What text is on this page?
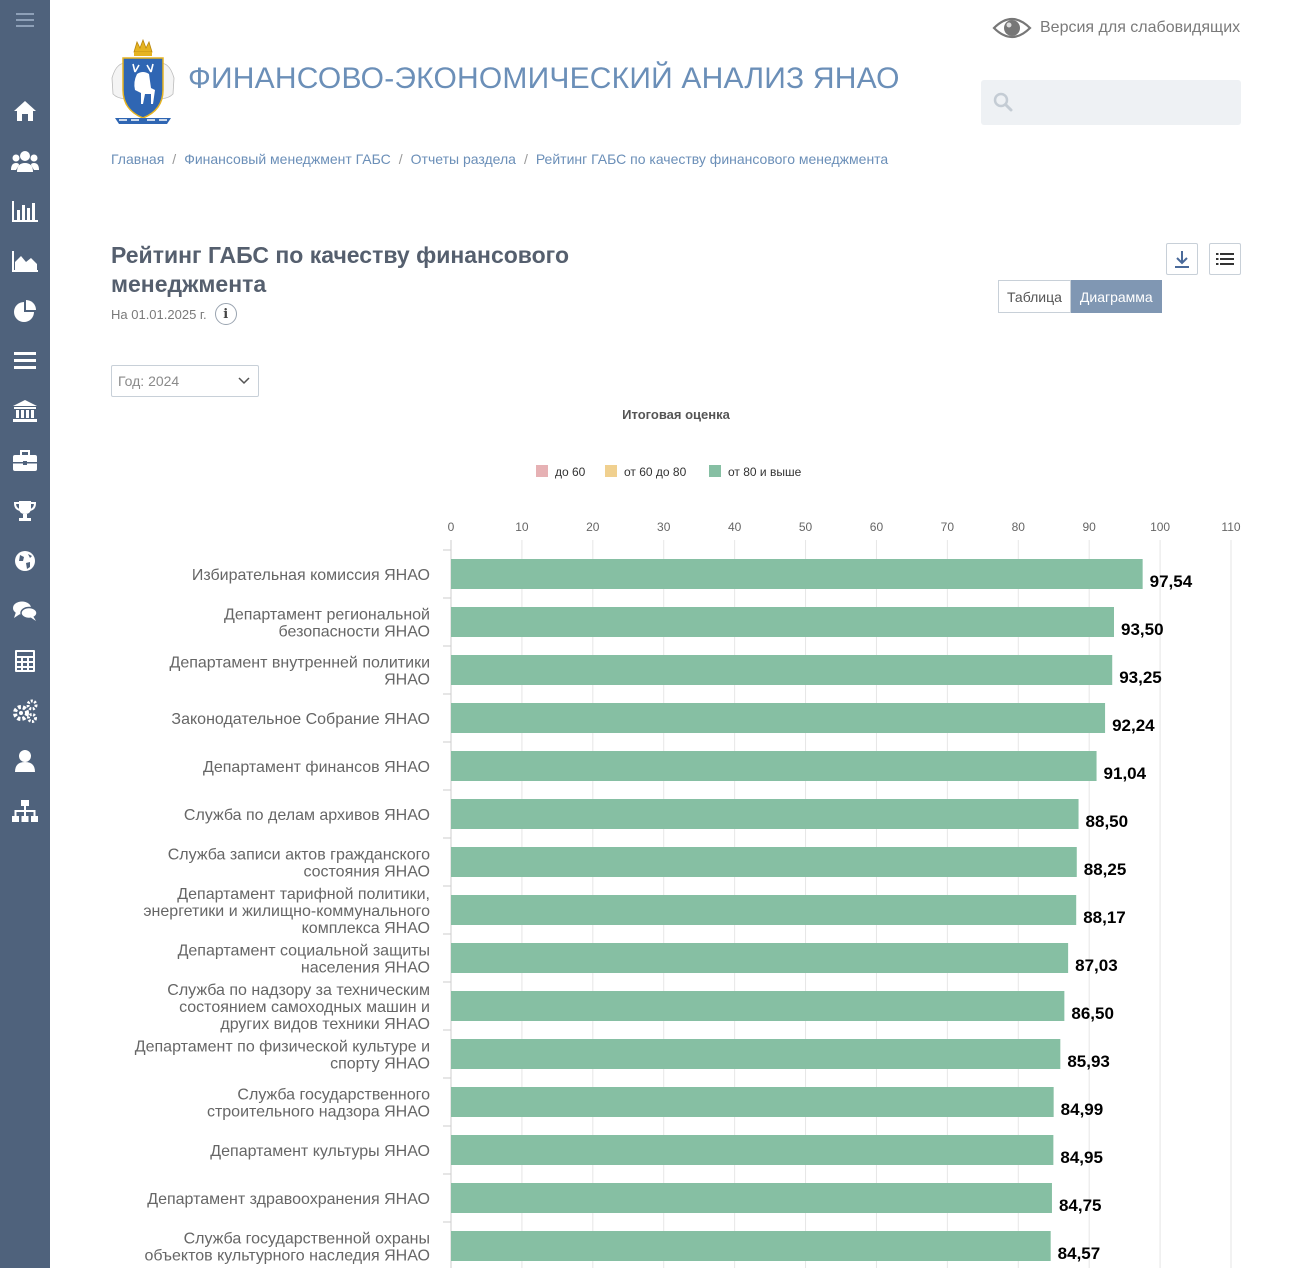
ФИНАНСОВО-ЭКОНОМИЧЕСКИЙ АНАЛИЗ ЯНАО
Версия для слабовидящих
Главная / Финансовый менеджмент ГАБС / Отчеты раздела / Рейтинг ГАБС по качеству финансового менеджмента
Рейтинг ГАБС по качеству финансового менеджмента
На 01.01.2025 г.	i
Таблица	Диаграмма
Год: 2024
Итоговая оценка
до 60	от 60 до 80	от 80 и выше
0	10	20	30	40	50	60	70	80	90	100	110
97,54
Избирательная комиссия ЯНАО
93,50
Департамент региональной безопасности ЯНАО
93,25
Департамент внутренней политики ЯНАО
92,24
Законодательное Собрание ЯНАО
91,04
Департамент финансов ЯНАО
88,50
Служба по делам архивов ЯНАО
88,25
Служба записи актов гражданского состояния ЯНАО
88,17
Департамент тарифной политики, энергетики и жилищно-коммунального комплекса ЯНАО
87,03
Департамент социальной защиты населения ЯНАО
86,50
Служба по надзору за техническим состоянием самоходных машин и других видов техники ЯНАО
85,93
Департамент по физической культуре и спорту ЯНАО
84,99
Служба государственного строительного надзора ЯНАО
84,95
Департамент культуры ЯНАО
84,75
Департамент здравоохранения ЯНАО
84,57
Служба государственной охраны объектов культурного наследия ЯНАО
